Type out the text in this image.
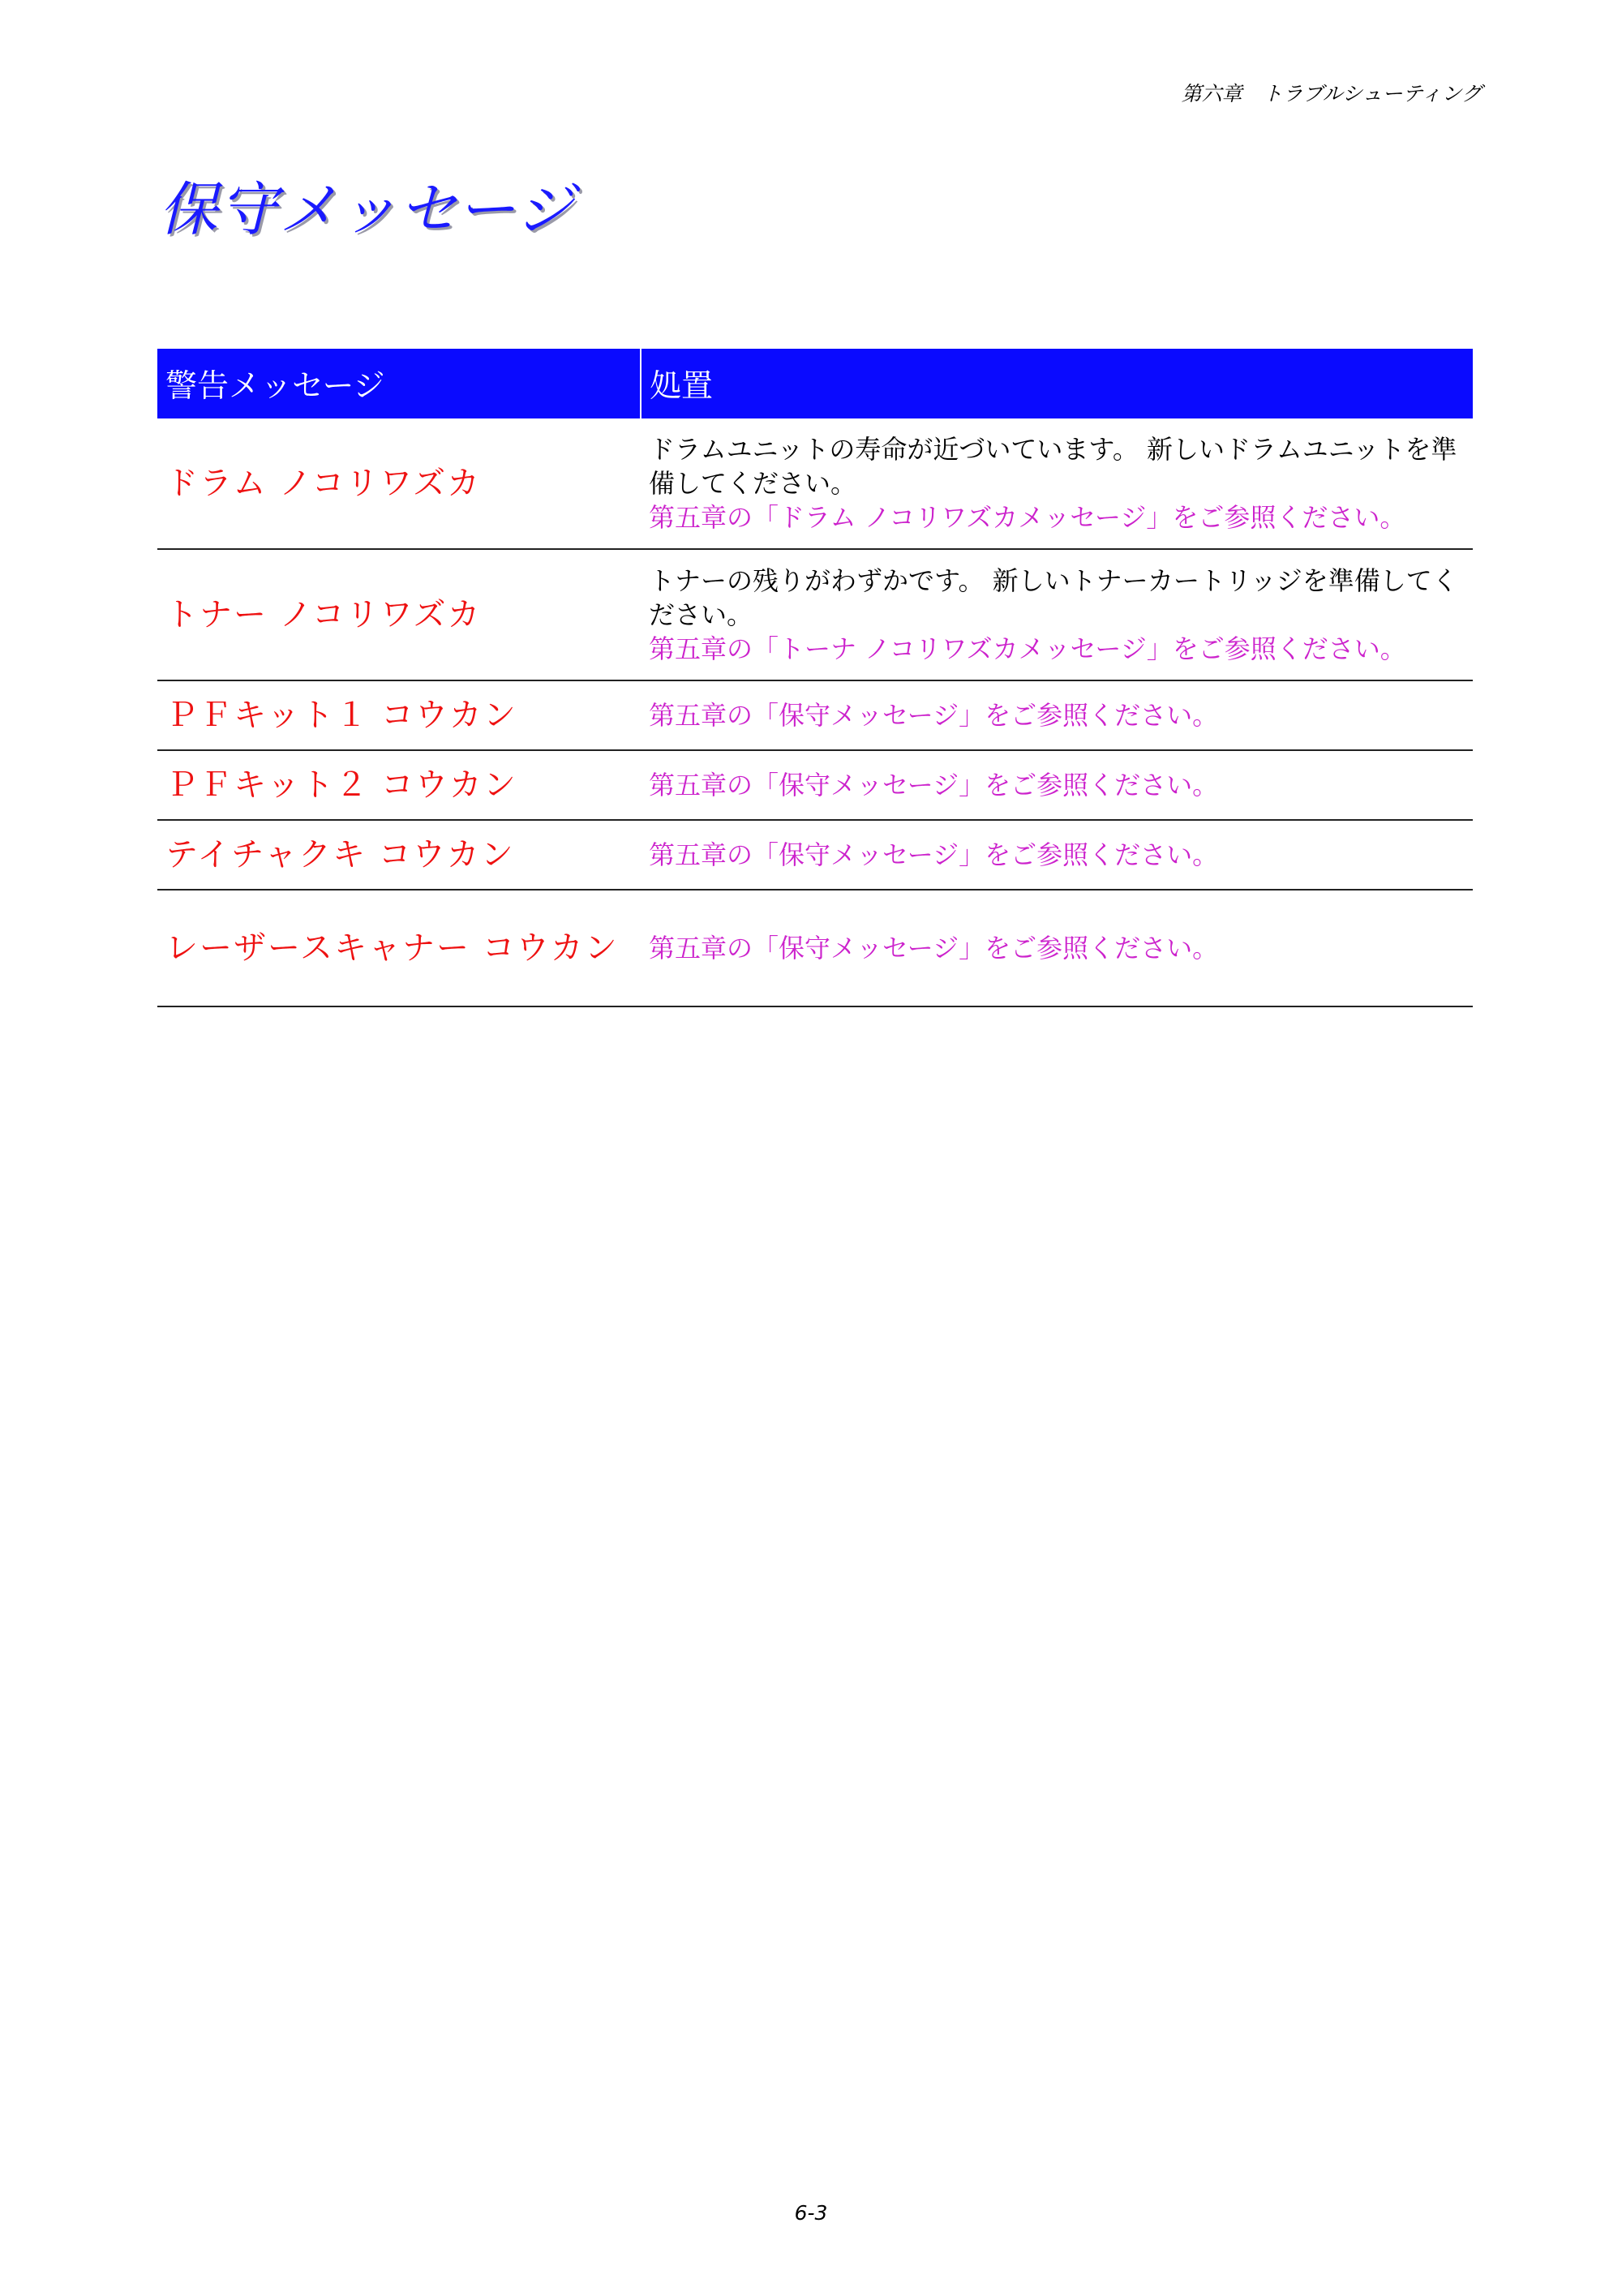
第六章　トラブルシューティング
保守メッセージ
警告メッセージ	処置
ドラム ノコリワズカ	ドラムユニットの寿命が近づいています。 新しいドラムユニットを準備してください。
第五章の「ドラム ノコリワズカメッセージ」をご参照ください。

トナー ノコリワズカ	トナーの残りがわずかです。 新しいトナーカートリッジを準備してください。
第五章の「トーナ ノコリワズカメッセージ」をご参照ください。

ＰＦキット１ コウカン	第五章の「保守メッセージ」をご参照ください。

ＰＦキット２ コウカン	第五章の「保守メッセージ」をご参照ください。

テイチャクキ コウカン	第五章の「保守メッセージ」をご参照ください。

レーザースキャナー コウカン	第五章の「保守メッセージ」をご参照ください。
6-3
